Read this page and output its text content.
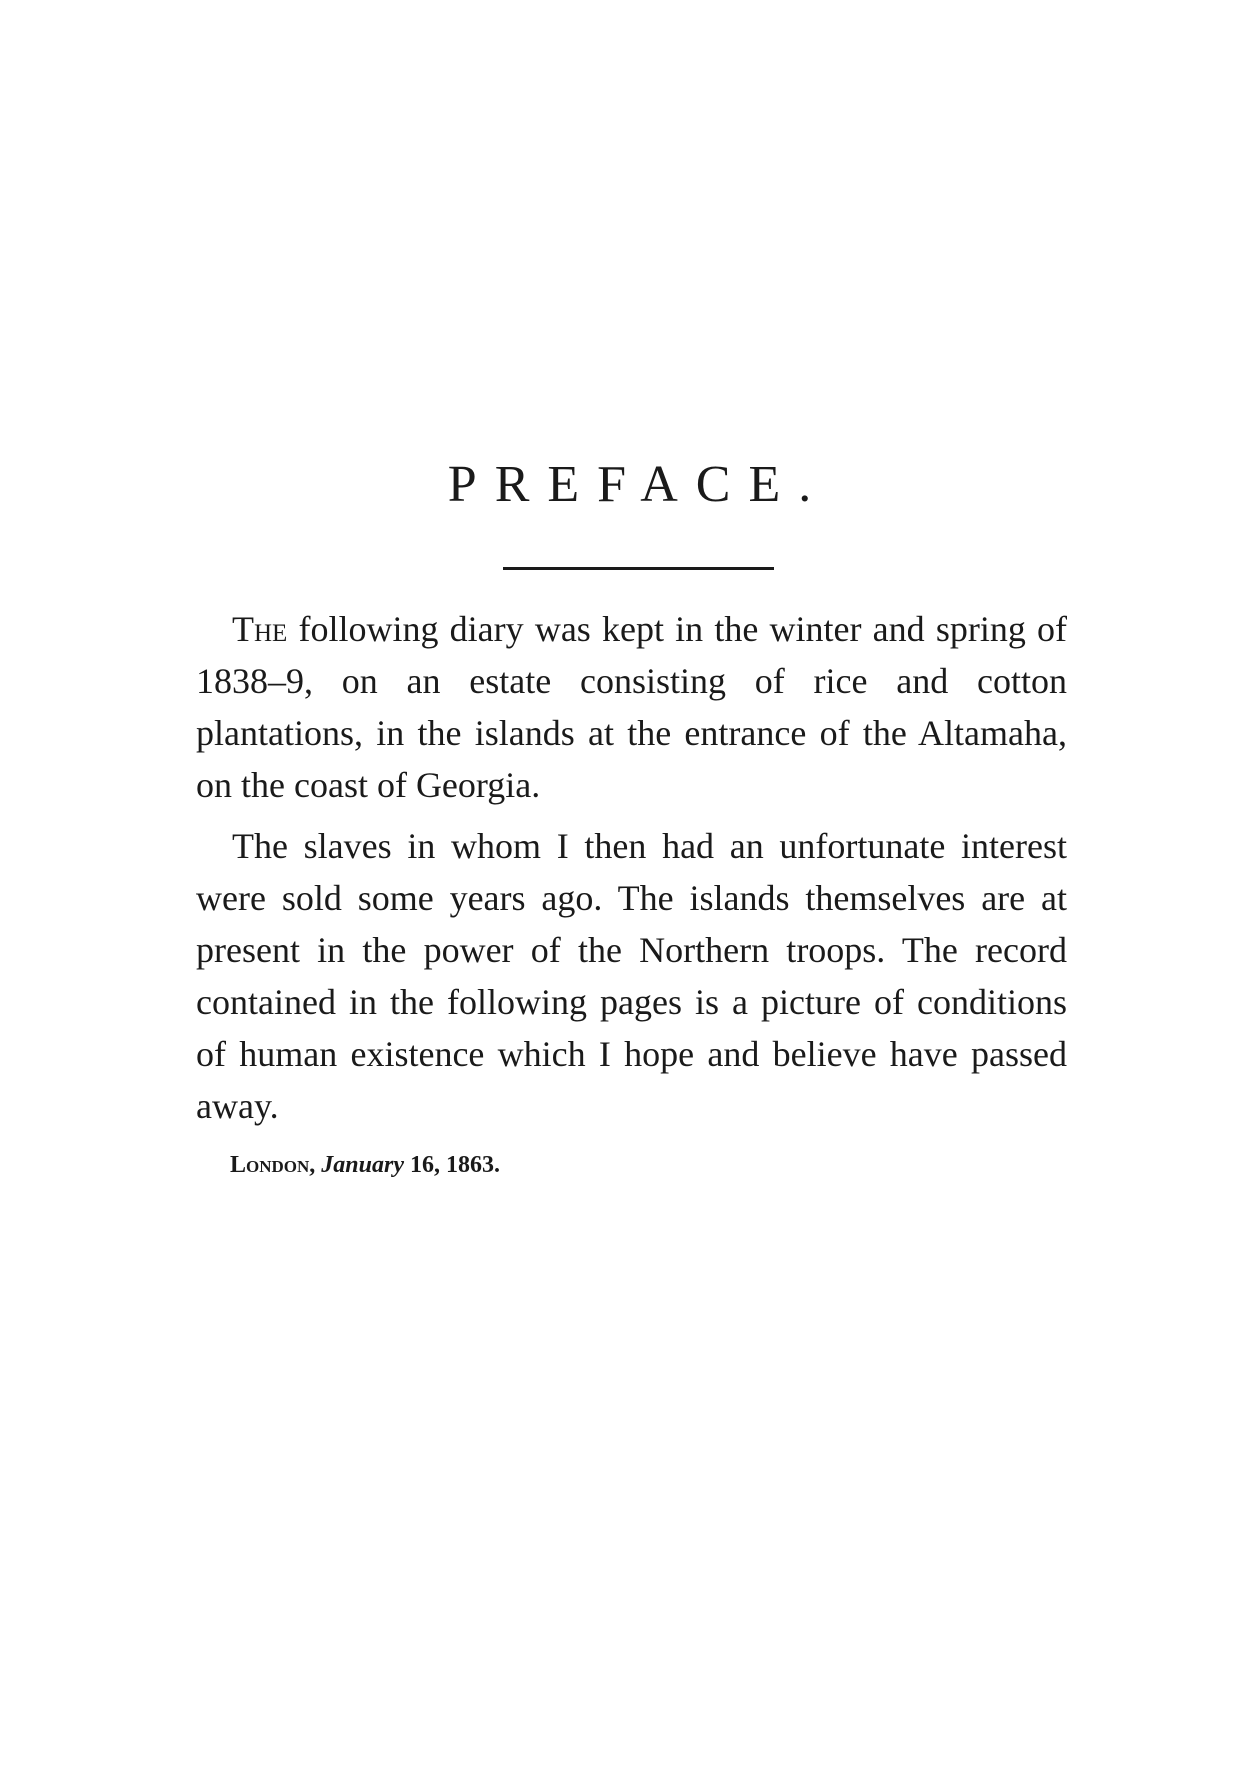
PREFACE.

The following diary was kept in the winter and spring of 1838–9, on an estate consisting of rice and cotton plantations, in the islands at the entrance of the Altamaha, on the coast of Georgia.

The slaves in whom I then had an unfortunate interest were sold some years ago. The islands themselves are at present in the power of the Northern troops. The record contained in the following pages is a picture of conditions of human existence which I hope and believe have passed away.

London, January 16, 1863.
